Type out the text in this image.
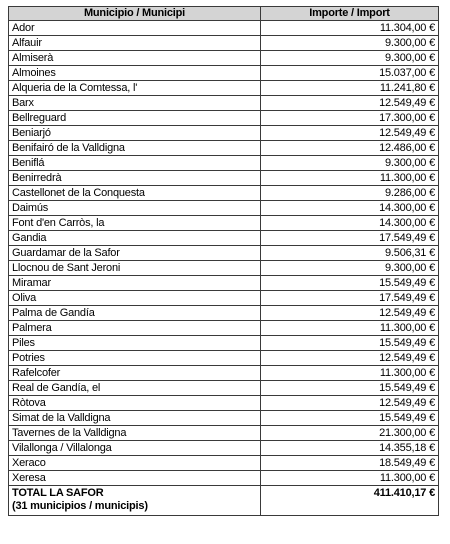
Municipio / Municipi	Importe / Import
Ador	11.304,00 €
Alfauir	9.300,00 €
Almiserà	9.300,00 €
Almoines	15.037,00 €
Alqueria de la Comtessa, l'	11.241,80 €
Barx	12.549,49 €
Bellreguard	17.300,00 €
Beniarjó	12.549,49 €
Benifairó de la Valldigna	12.486,00 €
Beniflá	9.300,00 €
Benirredrà	11.300,00 €
Castellonet de la Conquesta	9.286,00 €
Daimús	14.300,00 €
Font d'en Carròs, la	14.300,00 €
Gandia	17.549,49 €
Guardamar de la Safor	9.506,31 €
Llocnou de Sant Jeroni	9.300,00 €
Miramar	15.549,49 €
Oliva	17.549,49 €
Palma de Gandía	12.549,49 €
Palmera	11.300,00 €
Piles	15.549,49 €
Potries	12.549,49 €
Rafelcofer	11.300,00 €
Real de Gandía, el	15.549,49 €
Ròtova	12.549,49 €
Simat de la Valldigna	15.549,49 €
Tavernes de la Valldigna	21.300,00 €
Vilallonga / Villalonga	14.355,18 €
Xeraco	18.549,49 €
Xeresa	11.300,00 €

TOTAL LA SAFOR
(31 municipios / municipis)	411.410,17 €
